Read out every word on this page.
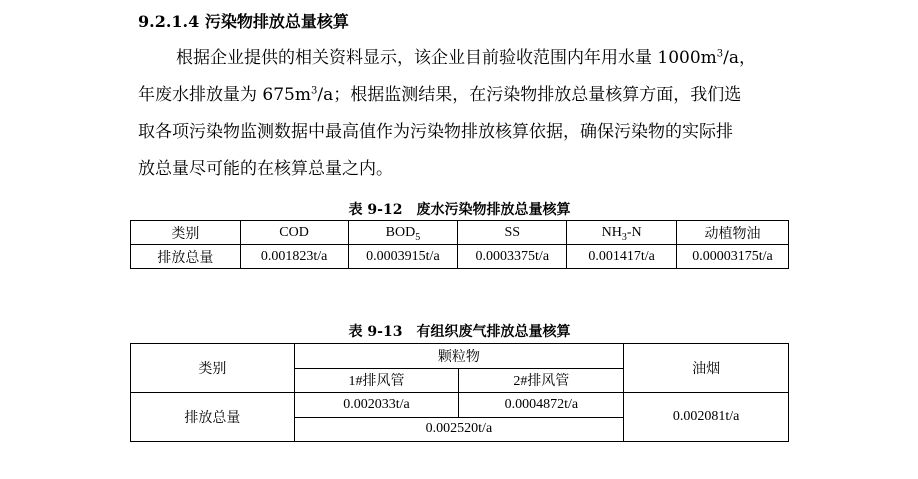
9.2.1.4 污染物排放总量核算

根据企业提供的相关资料显示，该企业目前验收范围内年用水量 $1000m^3/a$，

年废水排放量为 $675m^3/a$；根据监测结果，在污染物排放总量核算方面，我们选

取各项污染物监测数据中最高值作为污染物排放核算依据，确保污染物的实际排

放总量尽可能的在核算总量之内。

表 9-12　废水污染物排放总量核算
类别	COD	$BOD_5$	SS	$NH_3-N$	动植物油
排放总量	0.001823t/a	0.0003915t/a	0.0003375t/a	0.001417t/a	0.00003175t/a
表 9-13　有组织废气排放总量核算
类别	颗粒物		油烟
	1#排风管	2#排风管	
排放总量	0.002033t/a	0.0004872t/a	0.002081t/a
	0.002520t/a		
